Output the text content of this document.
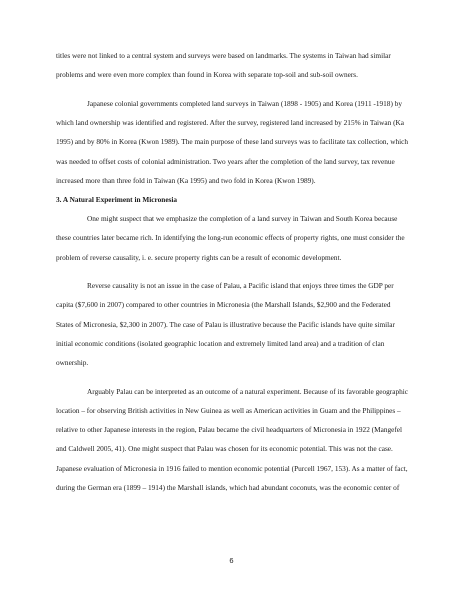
titles were not linked to a central system and surveys were based on landmarks. The systems in Taiwan had similar problems and were even more complex than found in Korea with separate top-soil and sub-soil owners.

Japanese colonial governments completed land surveys in Taiwan (1898 - 1905) and Korea (1911 -1918) by which land ownership was identified and registered. After the survey, registered land increased by 215% in Taiwan (Ka 1995) and by 80% in Korea (Kwon 1989). The main purpose of these land surveys was to facilitate tax collection, which was needed to offset costs of colonial administration. Two years after the completion of the land survey, tax revenue increased more than three fold in Taiwan (Ka 1995) and two fold in Korea (Kwon 1989).

3. A Natural Experiment in Micronesia

One might suspect that we emphasize the completion of a land survey in Taiwan and South Korea because these countries later became rich. In identifying the long-run economic effects of property rights, one must consider the problem of reverse causality, i. e. secure property rights can be a result of economic development.

Reverse causality is not an issue in the case of Palau, a Pacific island that enjoys three times the GDP per capita ($7,600 in 2007) compared to other countries in Micronesia (the Marshall Islands, $2,900 and the Federated States of Micronesia, $2,300 in 2007). The case of Palau is illustrative because the Pacific islands have quite similar initial economic conditions (isolated geographic location and extremely limited land area) and a tradition of clan ownership.

Arguably Palau can be interpreted as an outcome of a natural experiment. Because of its favorable geographic location – for observing British activities in New Guinea as well as American activities in Guam and the Philippines – relative to other Japanese interests in the region, Palau became the civil headquarters of Micronesia in 1922 (Mangefel and Caldwell 2005, 41). One might suspect that Palau was chosen for its economic potential. This was not the case. Japanese evaluation of Micronesia in 1916 failed to mention economic potential (Purcell 1967, 153). As a matter of fact, during the German era (1899 – 1914) the Marshall islands, which had abundant coconuts, was the economic center of

6
